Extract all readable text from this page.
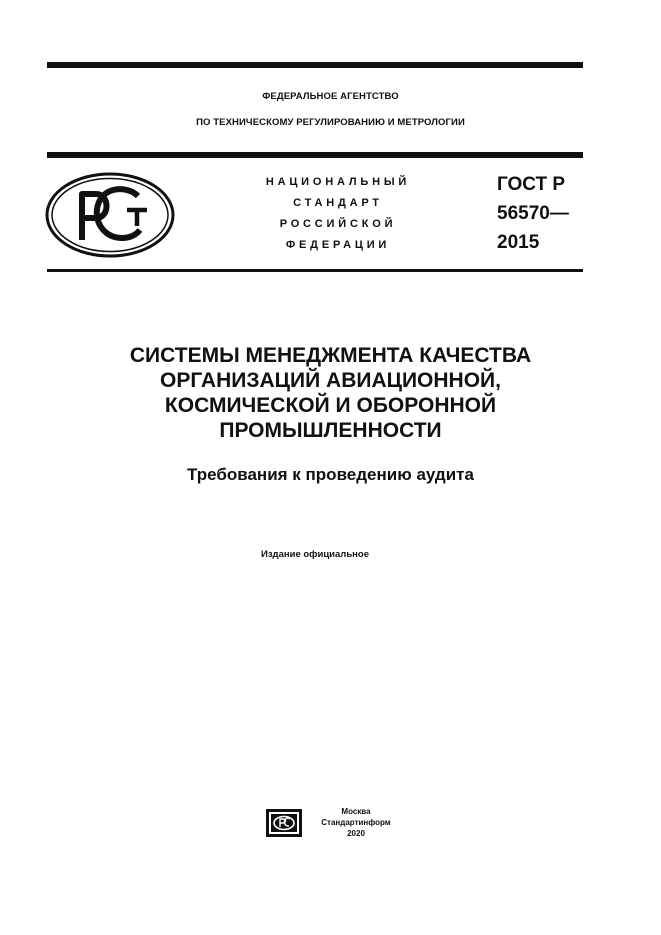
ФЕДЕРАЛЬНОЕ АГЕНТСТВО
ПО ТЕХНИЧЕСКОМУ РЕГУЛИРОВАНИЮ И МЕТРОЛОГИИ
НАЦИОНАЛЬНЫЙ
СТАНДАРТ
РОССИЙСКОЙ
ФЕДЕРАЦИИ
ГОСТ Р
56570—
2015
СИСТЕМЫ МЕНЕДЖМЕНТА КАЧЕСТВА
ОРГАНИЗАЦИЙ АВИАЦИОННОЙ,
КОСМИЧЕСКОЙ И ОБОРОННОЙ
ПРОМЫШЛЕННОСТИ
Требования к проведению аудита
Издание официальное
Москва
Стандартинформ
2020
